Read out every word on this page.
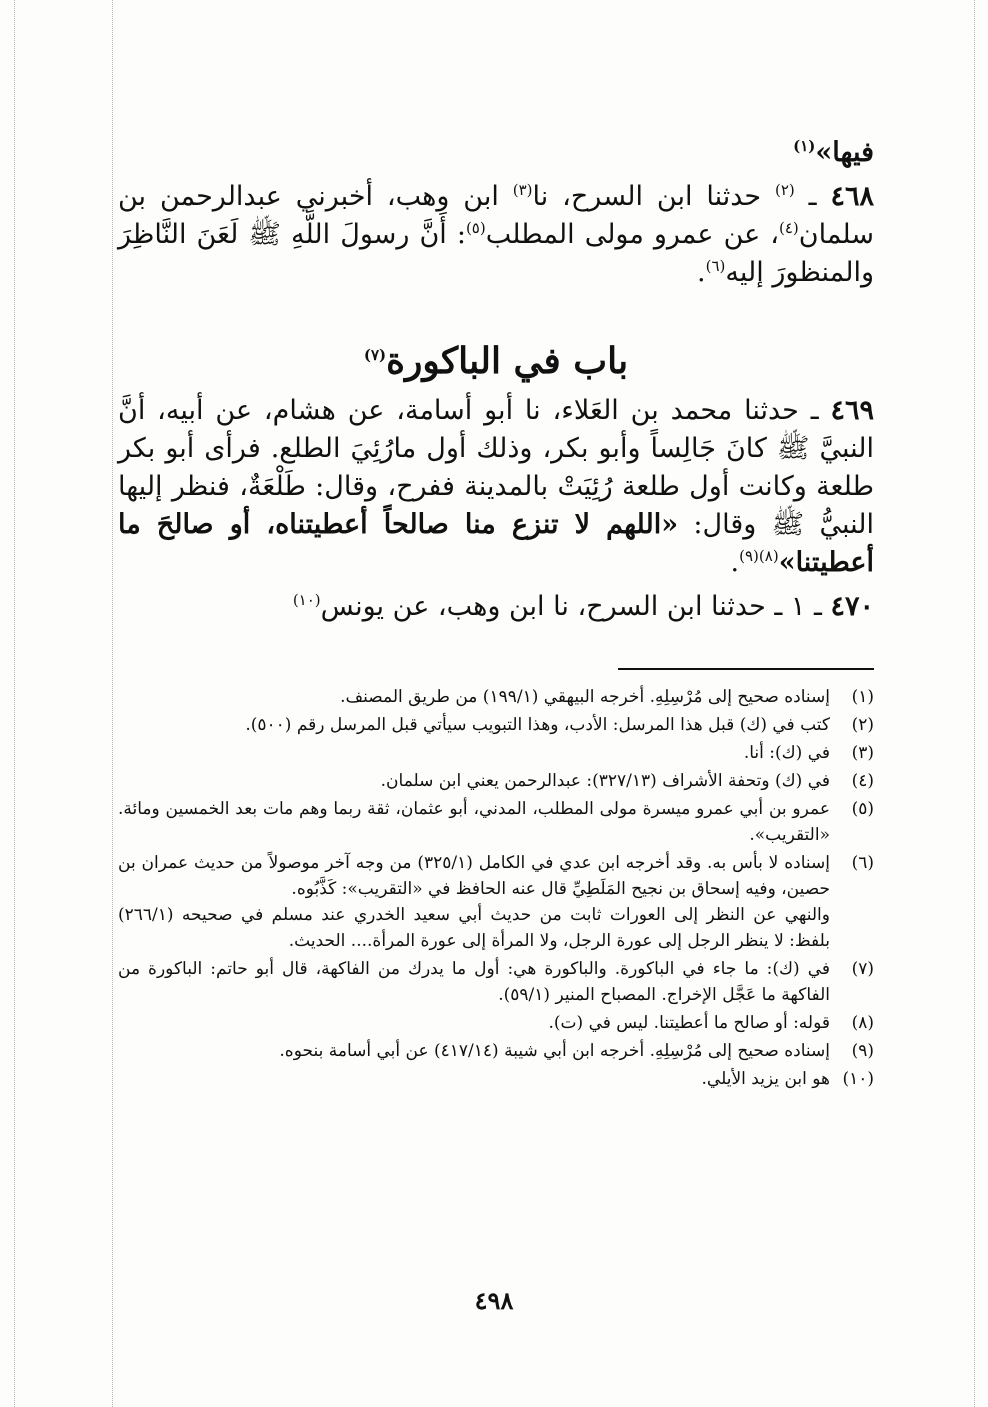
فيها»$^{(١)}$
٤٦٨ ـ $^{(٢)}$ حدثنا ابن السرح، نا$^{(٣)}$ ابن وهب، أخبرني عبدالرحمن بن سلمان$^{(٤)}$، عن عمرو مولى المطلب$^{(٥)}$: أَنَّ رسولَ اللَّهِ ﷺ لَعَنَ النَّاظِرَ والمنظورَ إليه$^{(٦)}$.
باب في الباكورة$^{(٧)}$
٤٦٩ ـ حدثنا محمد بن العَلاء، نا أبو أسامة، عن هشام، عن أبيه، أنَّ النبيَّ ﷺ كانَ جَالِساً وأبو بكر، وذلك أول مارُئِيَ الطلع. فرأى أبو بكر طلعة وكانت أول طلعة رُئِيَتْ بالمدينة ففرح، وقال: طَلْعَةٌ، فنظر إليها النبيُّ ﷺ وقال: «اللهم لا تنزع منا صالحاً أعطيتناه، أو صالحَ ما أعطيتنا»$^{(٨)(٩)}$.
٤٧٠ ـ ١ ـ حدثنا ابن السرح، نا ابن وهب، عن يونس$^{(١٠)}$
(١)

إسناده صحيح إلى مُرْسِلِهِ. أخرجه البيهقي (١٩٩/١) من طريق المصنف.

(٢)

كتب في (ك) قبل هذا المرسل: الأدب، وهذا التبويب سيأتي قبل المرسل رقم (٥٠٠).

(٣)

في (ك): أنا.

(٤)

في (ك) وتحفة الأشراف (٣٢٧/١٣): عبدالرحمن يعني ابن سلمان.

(٥)

عمرو بن أبي عمرو ميسرة مولى المطلب، المدني، أبو عثمان، ثقة ربما وهم مات بعد الخمسين ومائة. «التقريب».

(٦)

إسناده لا بأس به. وقد أخرجه ابن عدي في الكامل (٣٢٥/١) من وجه آخر موصولاً من حديث عمران بن حصين، وفيه إسحاق بن نجيح المَلَطِيِّ قال عنه الحافظ في «التقريب»: كَذَّبُوه.

والنهي عن النظر إلى العورات ثابت من حديث أبي سعيد الخدري عند مسلم في صحيحه (٢٦٦/١) بلفظ: لا ينظر الرجل إلى عورة الرجل، ولا المرأة إلى عورة المرأة.... الحديث.

(٧)

في (ك): ما جاء في الباكورة. والباكورة هي: أول ما يدرك من الفاكهة، قال أبو حاتم: الباكورة من الفاكهة ما عَجَّل الإخراج. المصباح المنير (٥٩/١).

(٨)

قوله: أو صالح ما أعطيتنا. ليس في (ت).

(٩)

إسناده صحيح إلى مُرْسِلِهِ. أخرجه ابن أبي شيبة (٤١٧/١٤) عن أبي أسامة بنحوه.

(١٠)

هو ابن يزيد الأيلي.

٤٩٨
